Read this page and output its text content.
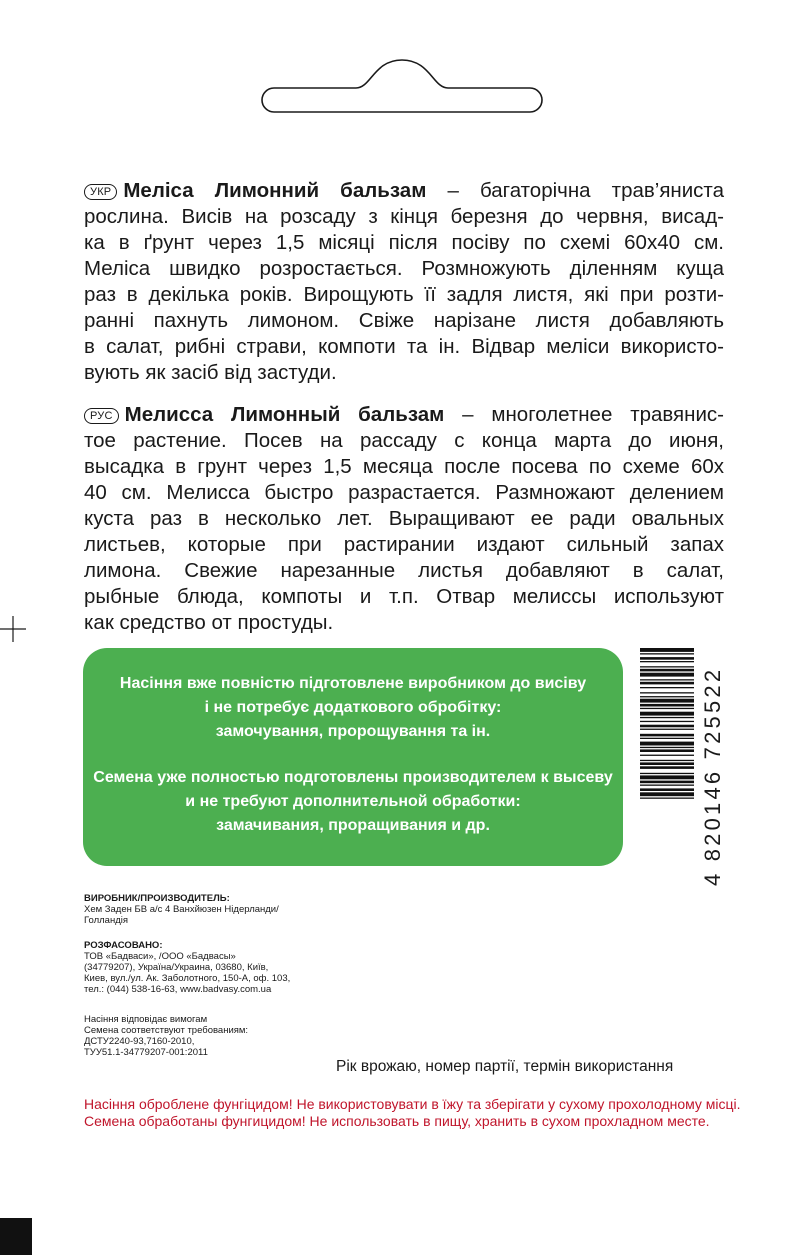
УКР Меліса Лимонний бальзам – багаторічна трав’яниста
рослина. Висів на розсаду з кінця березня до червня, висад-
ка в ґрунт через 1,5 місяці після посіву по схемі 60х40 см.
Меліса швидко розростається. Розмножують діленням куща
раз в декілька років. Вирощують її задля листя, які при розти-
ранні пахнуть лимоном. Свіже нарізане листя добавляють
в салат, рибні страви, компоти та ін. Відвар меліси використо-
вують як засіб від застуди.
РУС Мелисса Лимонный бальзам – многолетнее травянис-
тое растение. Посев на рассаду с конца марта до июня,
высадка в грунт через 1,5 месяца после посева по схеме 60х
40 см. Мелисса быстро разрастается. Размножают делением
куста раз в несколько лет. Выращивают ее ради овальных
листьев, которые при растирании издают сильный запах
лимона. Свежие нарезанные листья добавляют в салат,
рыбные блюда, компоты и т.п. Отвар мелиссы используют
как средство от простуды.
Насіння вже повністю підготовлене виробником до висіву
і не потребує додаткового обробітку:
замочування, пророщування та ін.
Семена уже полностью подготовлены производителем к высеву
и не требуют дополнительной обработки:
замачивания, проращивания и др.	4 820146 725522
ВИРОБНИК/ПРОИЗВОДИТЕЛЬ:
Хем Заден БВ а/с 4 Ванхйюзен Нідерланди/
Голландія
РОЗФАСОВАНО:
ТОВ «Бадваси», /ООО «Бадвасы»
(34779207), Україна/Украина, 03680, Київ,
Киев, вул./ул. Ак. Заболотного, 150-А, оф. 103,
тел.: (044) 538-16-63, www.badvasy.com.ua
Насіння відповідає вимогам
Семена соответствуют требованиям:
ДСТУ2240-93,7160-2010,
ТУУ51.1-34779207-001:2011
Рік врожаю, номер партії, термін використання
Насіння оброблене фунгіцидом! Не використовувати в їжу та зберігати у сухому прохолодному місці.
Семена обработаны фунгицидом! Не использовать в пищу, хранить в сухом прохладном месте.
